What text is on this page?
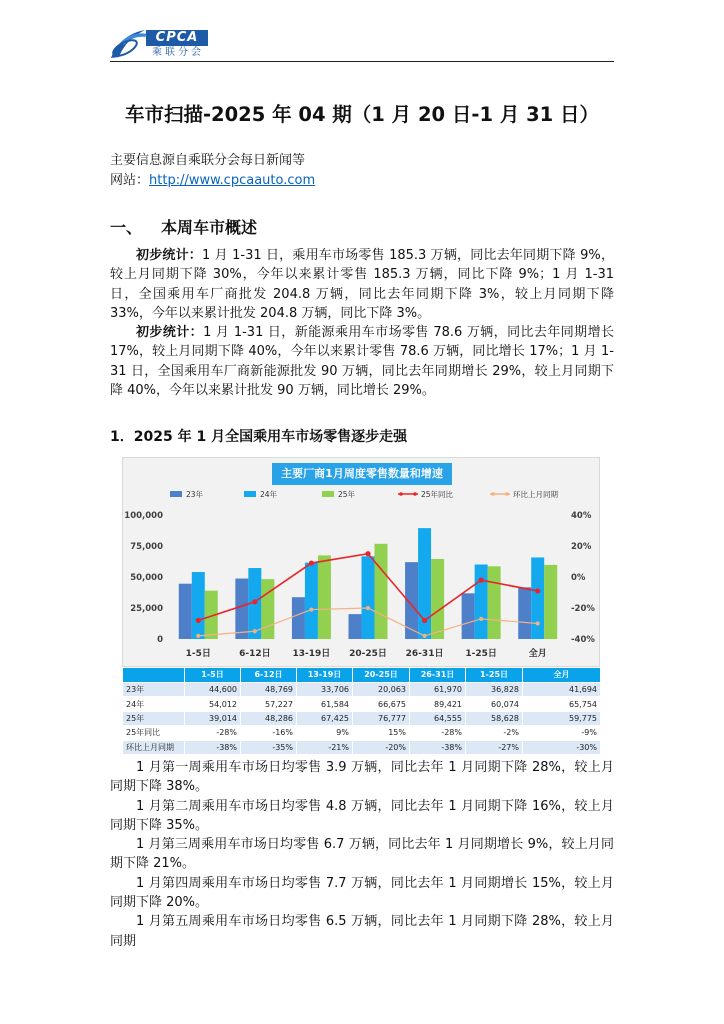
CPCA
乘联分会
车市扫描-2025 年 04 期（1 月 20 日-1 月 31 日）
主要信息源自乘联分会每日新闻等
网站：http://www.cpcaauto.com
一、 本周车市概述

初步统计：1 月 1-31 日，乘用车市场零售 185.3 万辆，同比去年同期下降 9%，较上月同期下降 30%，今年以来累计零售 185.3 万辆，同比下降 9%；1 月 1-31 日，全国乘用车厂商批发 204.8 万辆，同比去年同期下降 3%，较上月同期下降 33%，今年以来累计批发 204.8 万辆，同比下降 3%。

初步统计：1 月 1-31 日，新能源乘用车市场零售 78.6 万辆，同比去年同期增长 17%，较上月同期下降 40%，今年以来累计零售 78.6 万辆，同比增长 17%；1 月 1-31 日，全国乘用车厂商新能源批发 90 万辆，同比去年同期增长 29%，较上月同期下降 40%，今年以来累计批发 90 万辆，同比增长 29%。

1．2025 年 1 月全国乘用车市场零售逐步走强
0
25,000
50,000
75,000
100,000
-40%
-20%
0%
20%
40%
1-5日	6-12日 13-19日 20-25日 26-31日 1-25日	全月
23年	24年	25年	25年同比	环比上月同期
主要厂商1月周度零售数量和增速
	1-5日	6-12日	13-19日	20-25日	26-31日	1-25日	全月
23年	44,600	48,769	33,706	20,063	61,970	36,828	41,694
24年	54,012	57,227	61,584	66,675	89,421	60,074	65,754
25年	39,014	48,286	67,425	76,777	64,555	58,628	59,775
25年同比	-28%	-16%	9%	15%	-28%	-2%	-9%
环比上月同期	-38%	-35%	-21%	-20%	-38%	-27%	-30%

1 月第一周乘用车市场日均零售 3.9 万辆，同比去年 1 月同期下降 28%，较上月同期下降 38%。

1 月第二周乘用车市场日均零售 4.8 万辆，同比去年 1 月同期下降 16%，较上月同期下降 35%。

1 月第三周乘用车市场日均零售 6.7 万辆，同比去年 1 月同期增长 9%，较上月同期下降 21%。

1 月第四周乘用车市场日均零售 7.7 万辆，同比去年 1 月同期增长 15%，较上月同期下降 20%。

1 月第五周乘用车市场日均零售 6.5 万辆，同比去年 1 月同期下降 28%，较上月同期
